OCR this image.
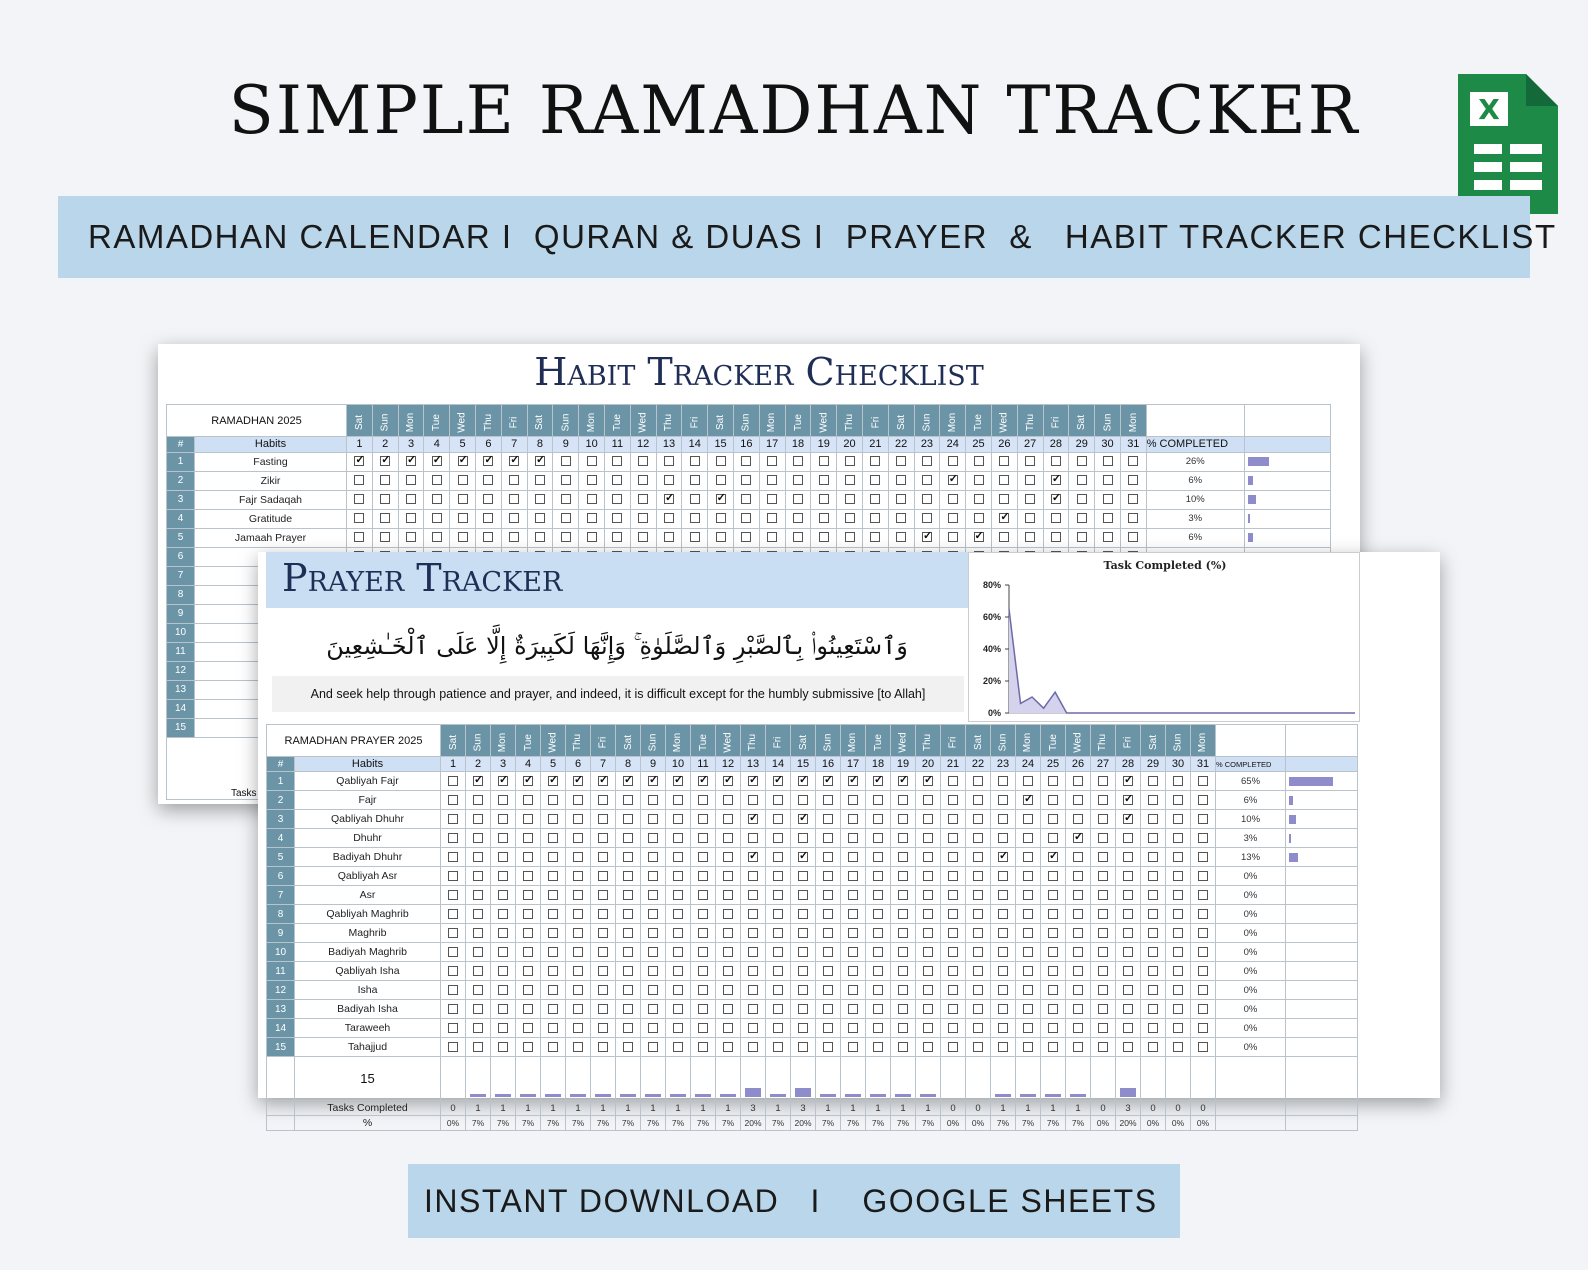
SIMPLE RAMADHAN TRACKER	X
RAMADHAN CALENDAR I  QURAN & DUAS I  PRAYER  &   HABIT TRACKER CHECKLIST
Habit Tracker Checklist
RAMADHAN 2025		Sat	Sun	Mon	Tue	Wed	Thu	Fri	Sat	Sun	Mon	Tue	Wed	Thu	Fri	Sat	Sun	Mon	Tue	Wed	Thu	Fri	Sat	Sun	Mon	Tue	Wed	Thu	Fri	Sat	Sun	Mon		
#	Habits	1	2	3	4	5	6	7	8	9	10	11	12	13	14	15	16	17	18	19	20	21	22	23	24	25	26	27	28	29	30	31	% COMPLETED	
1	Fasting	✓	✓	✓	✓	✓	✓	✓	✓																								26%	

2	Zikir																								✓				✓				6%	

3	Fajr Sadaqah													✓		✓													✓				10%	

4	Gratitude																										✓						3%	

5	Jamaah Prayer																							✓		✓							6%	

6																																		
7																																		
8																																		
9																																		
10																																		
11																																		
12																																		
13																																		
14																																		
15																																		
Tasks																																		
Prayer Tracker
وَٱسْتَعِينُوا۟ بِٱلصَّبْرِ وَٱلصَّلَوٰةِ ۚ وَإِنَّهَا لَكَبِيرَةٌ إِلَّا عَلَى ٱلْخَـٰشِعِينَ
And seek help through patience and prayer, and indeed, it is difficult except for the humbly submissive [to Allah]
Task Completed (%)
80%
60%
40%
20%
0%
RAMADHAN PRAYER 2025		Sat	Sun	Mon	Tue	Wed	Thu	Fri	Sat	Sun	Mon	Tue	Wed	Thu	Fri	Sat	Sun	Mon	Tue	Wed	Thu	Fri	Sat	Sun	Mon	Tue	Wed	Thu	Fri	Sat	Sun	Mon		
#	Habits	1	2	3	4	5	6	7	8	9	10	11	12	13	14	15	16	17	18	19	20	21	22	23	24	25	26	27	28	29	30	31	% COMPLETED	
1	Qabliyah Fajr		✓	✓	✓	✓	✓	✓	✓	✓	✓	✓	✓	✓	✓	✓	✓	✓	✓	✓	✓								✓				65%	

2	Fajr																								✓				✓				6%	

3	Qabliyah Dhuhr													✓		✓													✓				10%	

4	Dhuhr																										✓						3%	

5	Badiyah Dhuhr													✓		✓								✓		✓							13%	

6	Qabliyah Asr																																0%	
7	Asr																																0%	
8	Qabliyah Maghrib																																0%	
9	Maghrib																																0%	
10	Badiyah Maghrib																																0%	
11	Qabliyah Isha																																0%	
12	Isha																																0%	
13	Badiyah Isha																																0%	
14	Taraweeh																																0%	
15	Tahajjud																																0%	
	15		

	Tasks Completed	0	1	1	1	1	1	1	1	1	1	1	1	3	1	3	1	1	1	1	1	0	0	1	1	1	1	0	3	0	0	0		
	%	0%	7%	7%	7%	7%	7%	7%	7%	7%	7%	7%	7%	20%	7%	20%	7%	7%	7%	7%	7%	0%	0%	7%	7%	7%	7%	0%	20%	0%	0%	0%		
INSTANT DOWNLOAD   I    GOOGLE SHEETS
